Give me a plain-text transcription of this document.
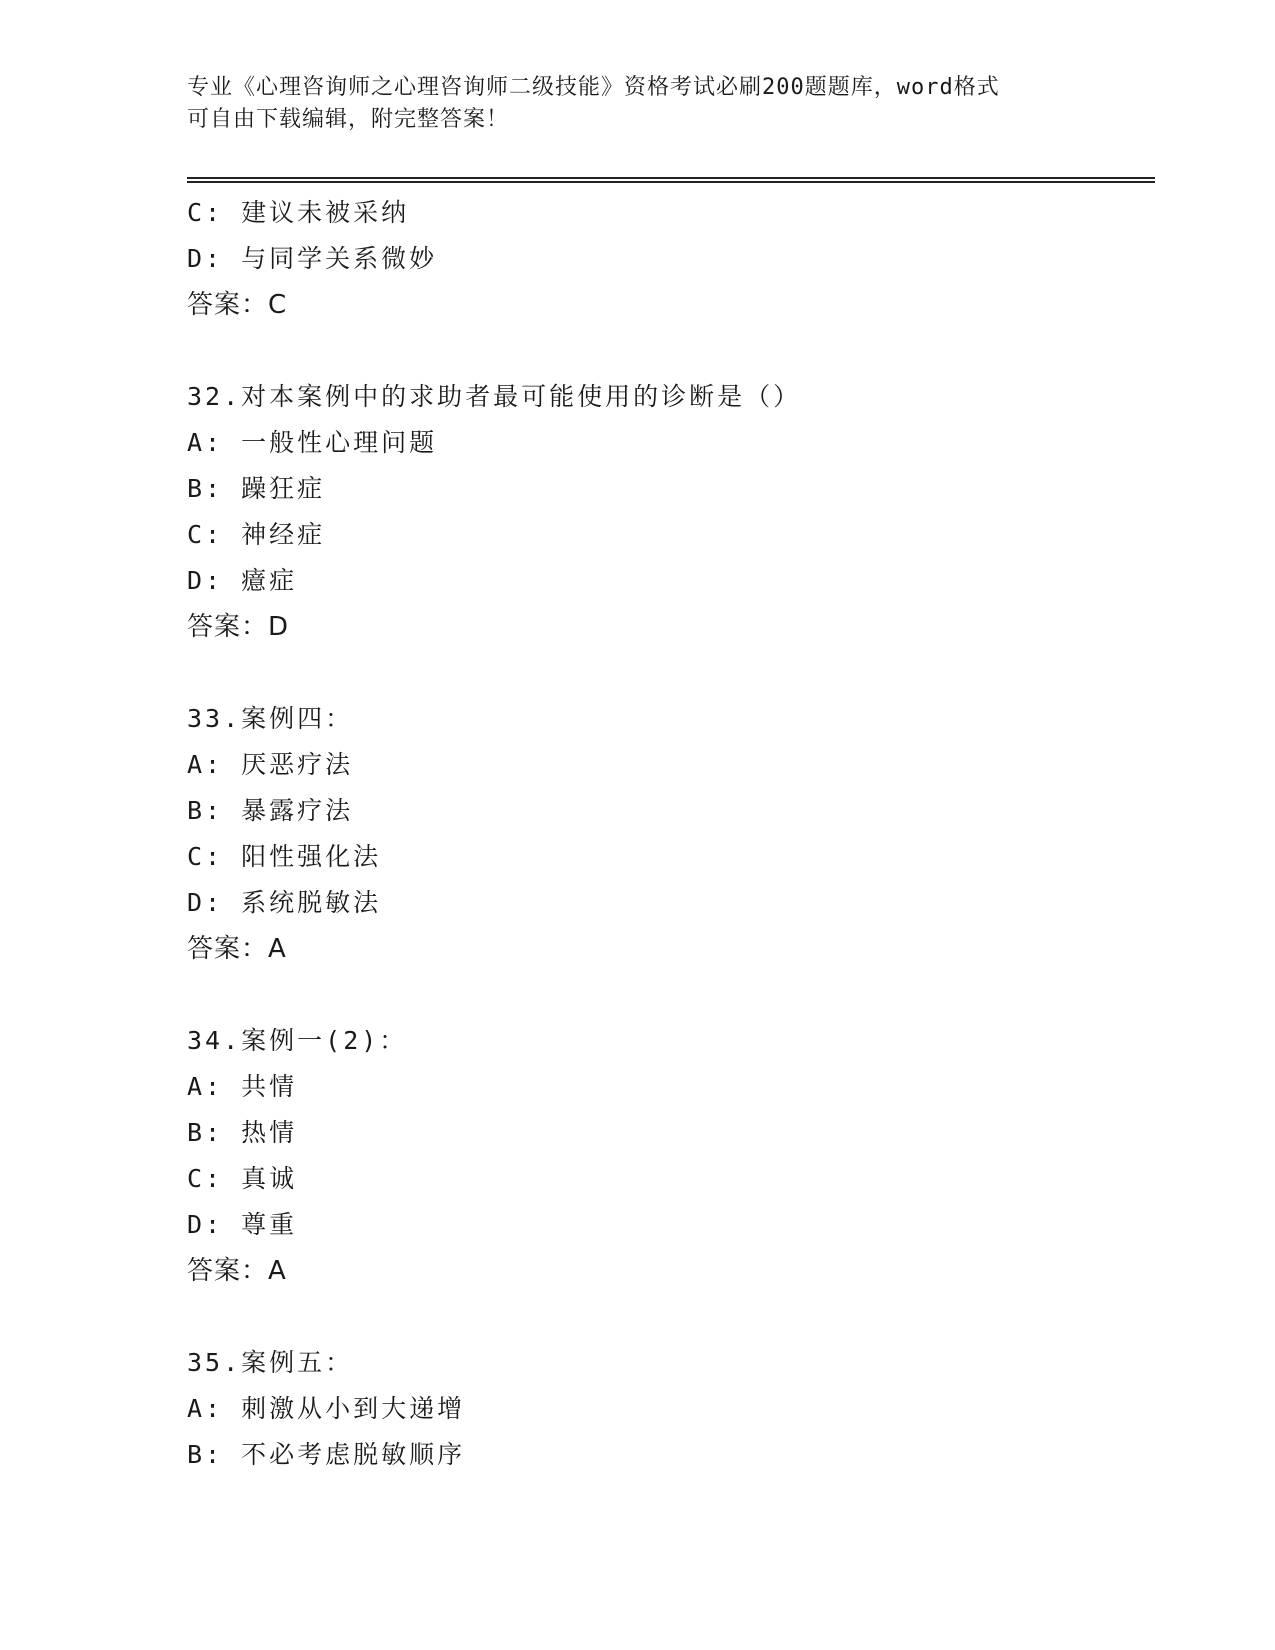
专业《心理咨询师之心理咨询师二级技能》资格考试必刷200题题库，word格式
可自由下载编辑，附完整答案！
C: 建议未被采纳
D: 与同学关系微妙
答案：C
32.对本案例中的求助者最可能使用的诊断是（）
A: 一般性心理问题
B: 躁狂症
C: 神经症
D: 癔症
答案：D
33.案例四：
A: 厌恶疗法
B: 暴露疗法
C: 阳性强化法
D: 系统脱敏法
答案：A
34.案例一(2)：
A: 共情
B: 热情
C: 真诚
D: 尊重
答案：A
35.案例五：
A: 刺激从小到大递增
B: 不必考虑脱敏顺序
